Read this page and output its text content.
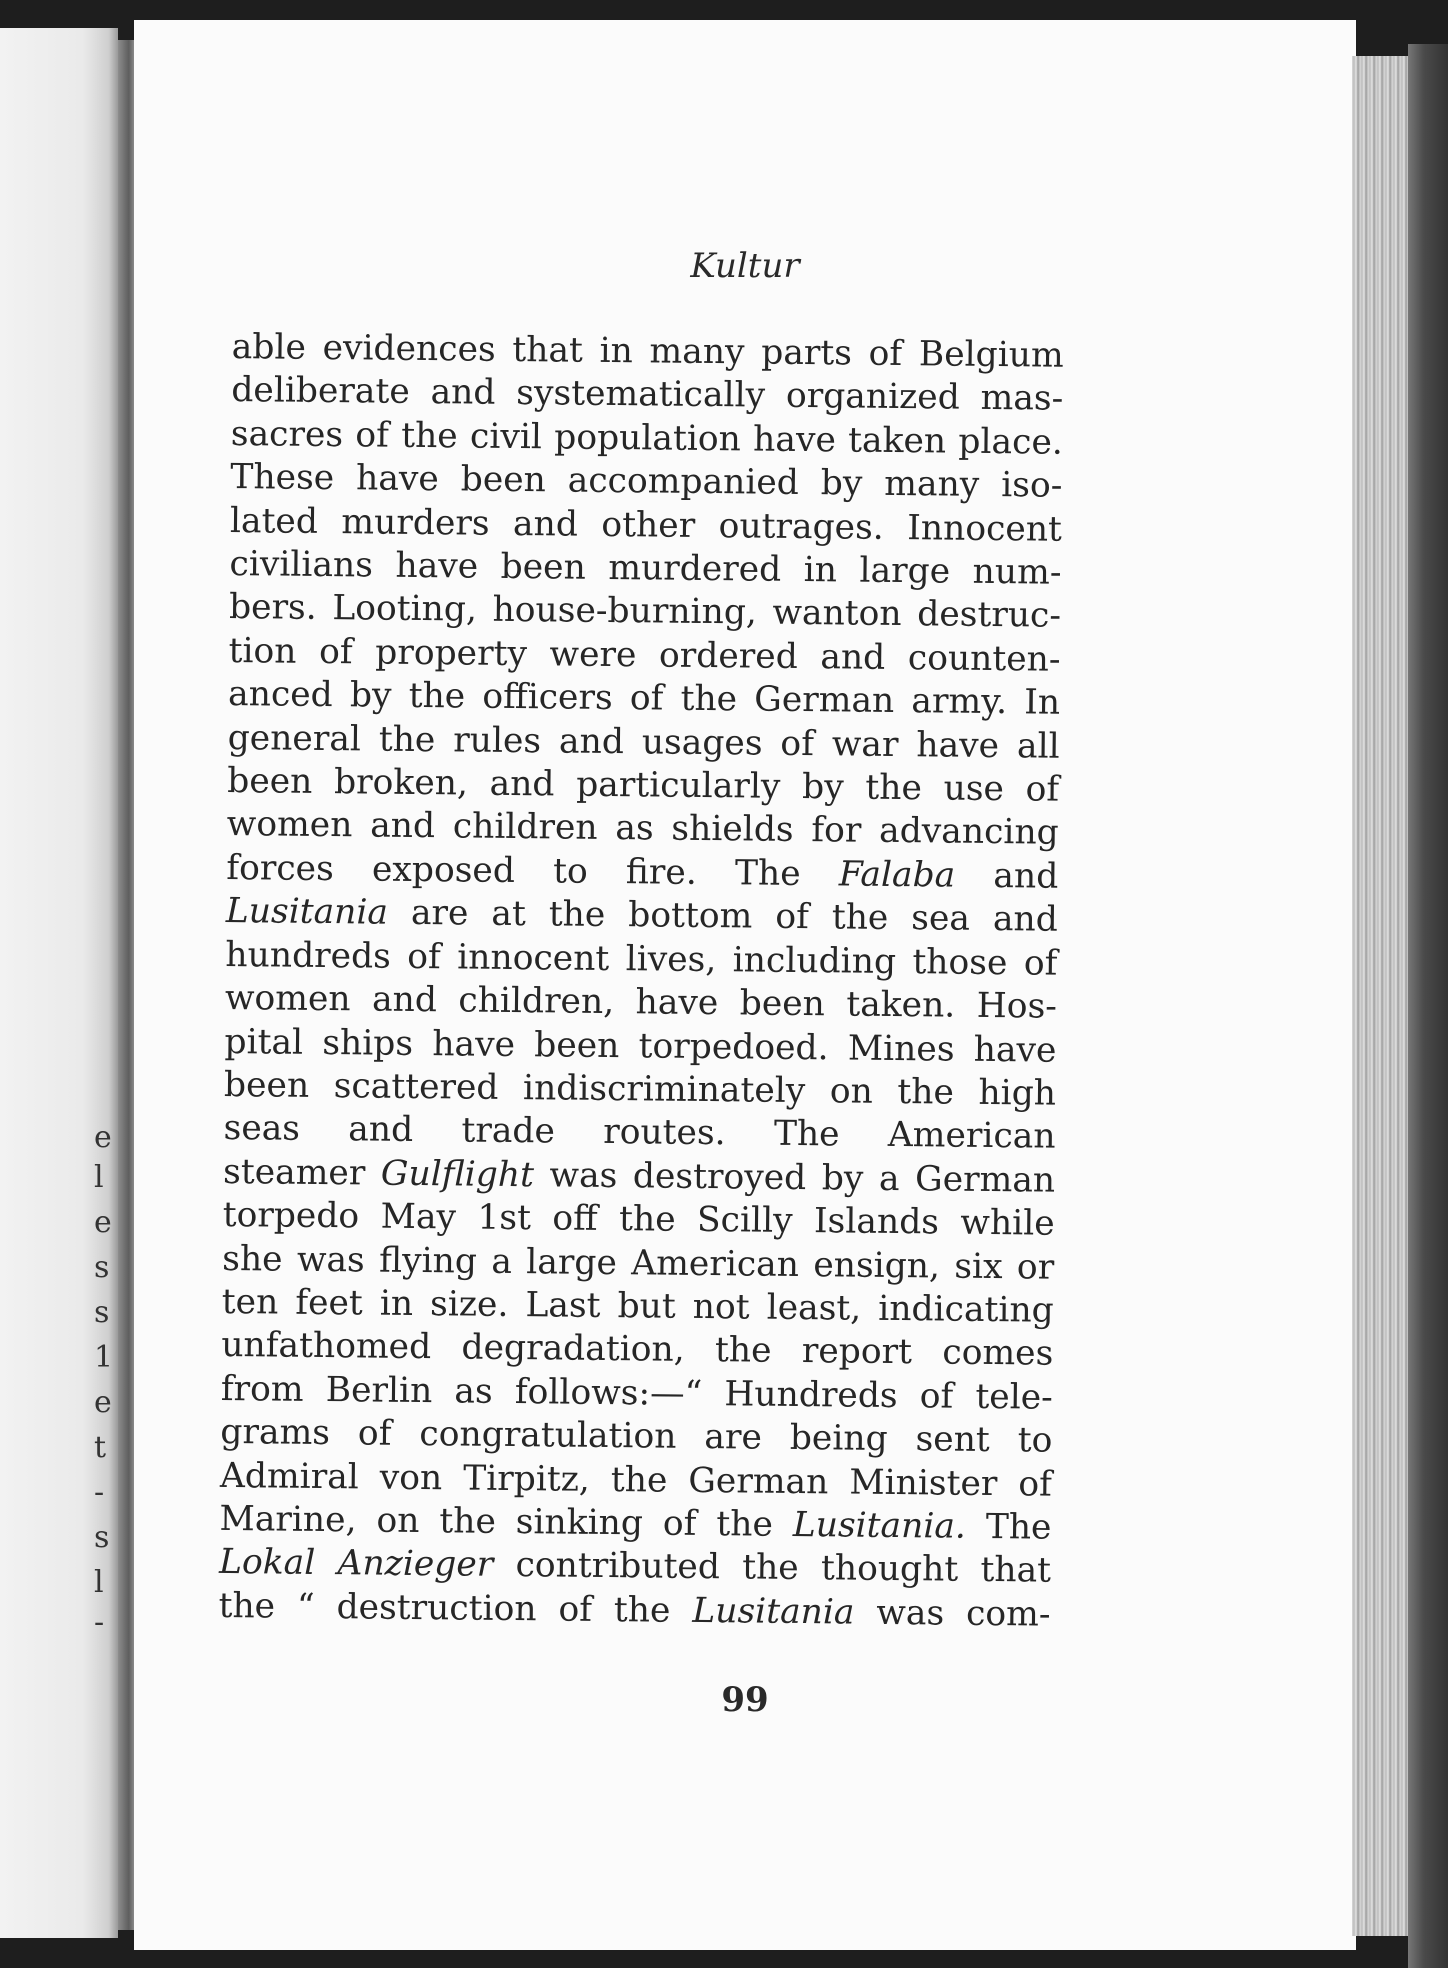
e
l
e
s
s
1
e
t
-
s
l
-
Kultur
able evidences that in many parts of Belgium
deliberate and systematically organized mas-
sacres of the civil population have taken place.
These have been accompanied by many iso-
lated murders and other outrages. Innocent
civilians have been murdered in large num-
bers. Looting, house-burning, wanton destruc-
tion of property were ordered and counten-
anced by the officers of the German army. In
general the rules and usages of war have all
been broken, and particularly by the use of
women and children as shields for advancing
forces exposed to fire. The Falaba and
Lusitania are at the bottom of the sea and
hundreds of innocent lives, including those of
women and children, have been taken. Hos-
pital ships have been torpedoed. Mines have
been scattered indiscriminately on the high
seas and trade routes. The American
steamer Gulflight was destroyed by a German
torpedo May 1st off the Scilly Islands while
she was flying a large American ensign, six or
ten feet in size. Last but not least, indicating
unfathomed degradation, the report comes
from Berlin as follows:—“ Hundreds of tele-
grams of congratulation are being sent to
Admiral von Tirpitz, the German Minister of
Marine, on the sinking of the Lusitania. The
Lokal Anzieger contributed the thought that
the “ destruction of the Lusitania was com-
99
